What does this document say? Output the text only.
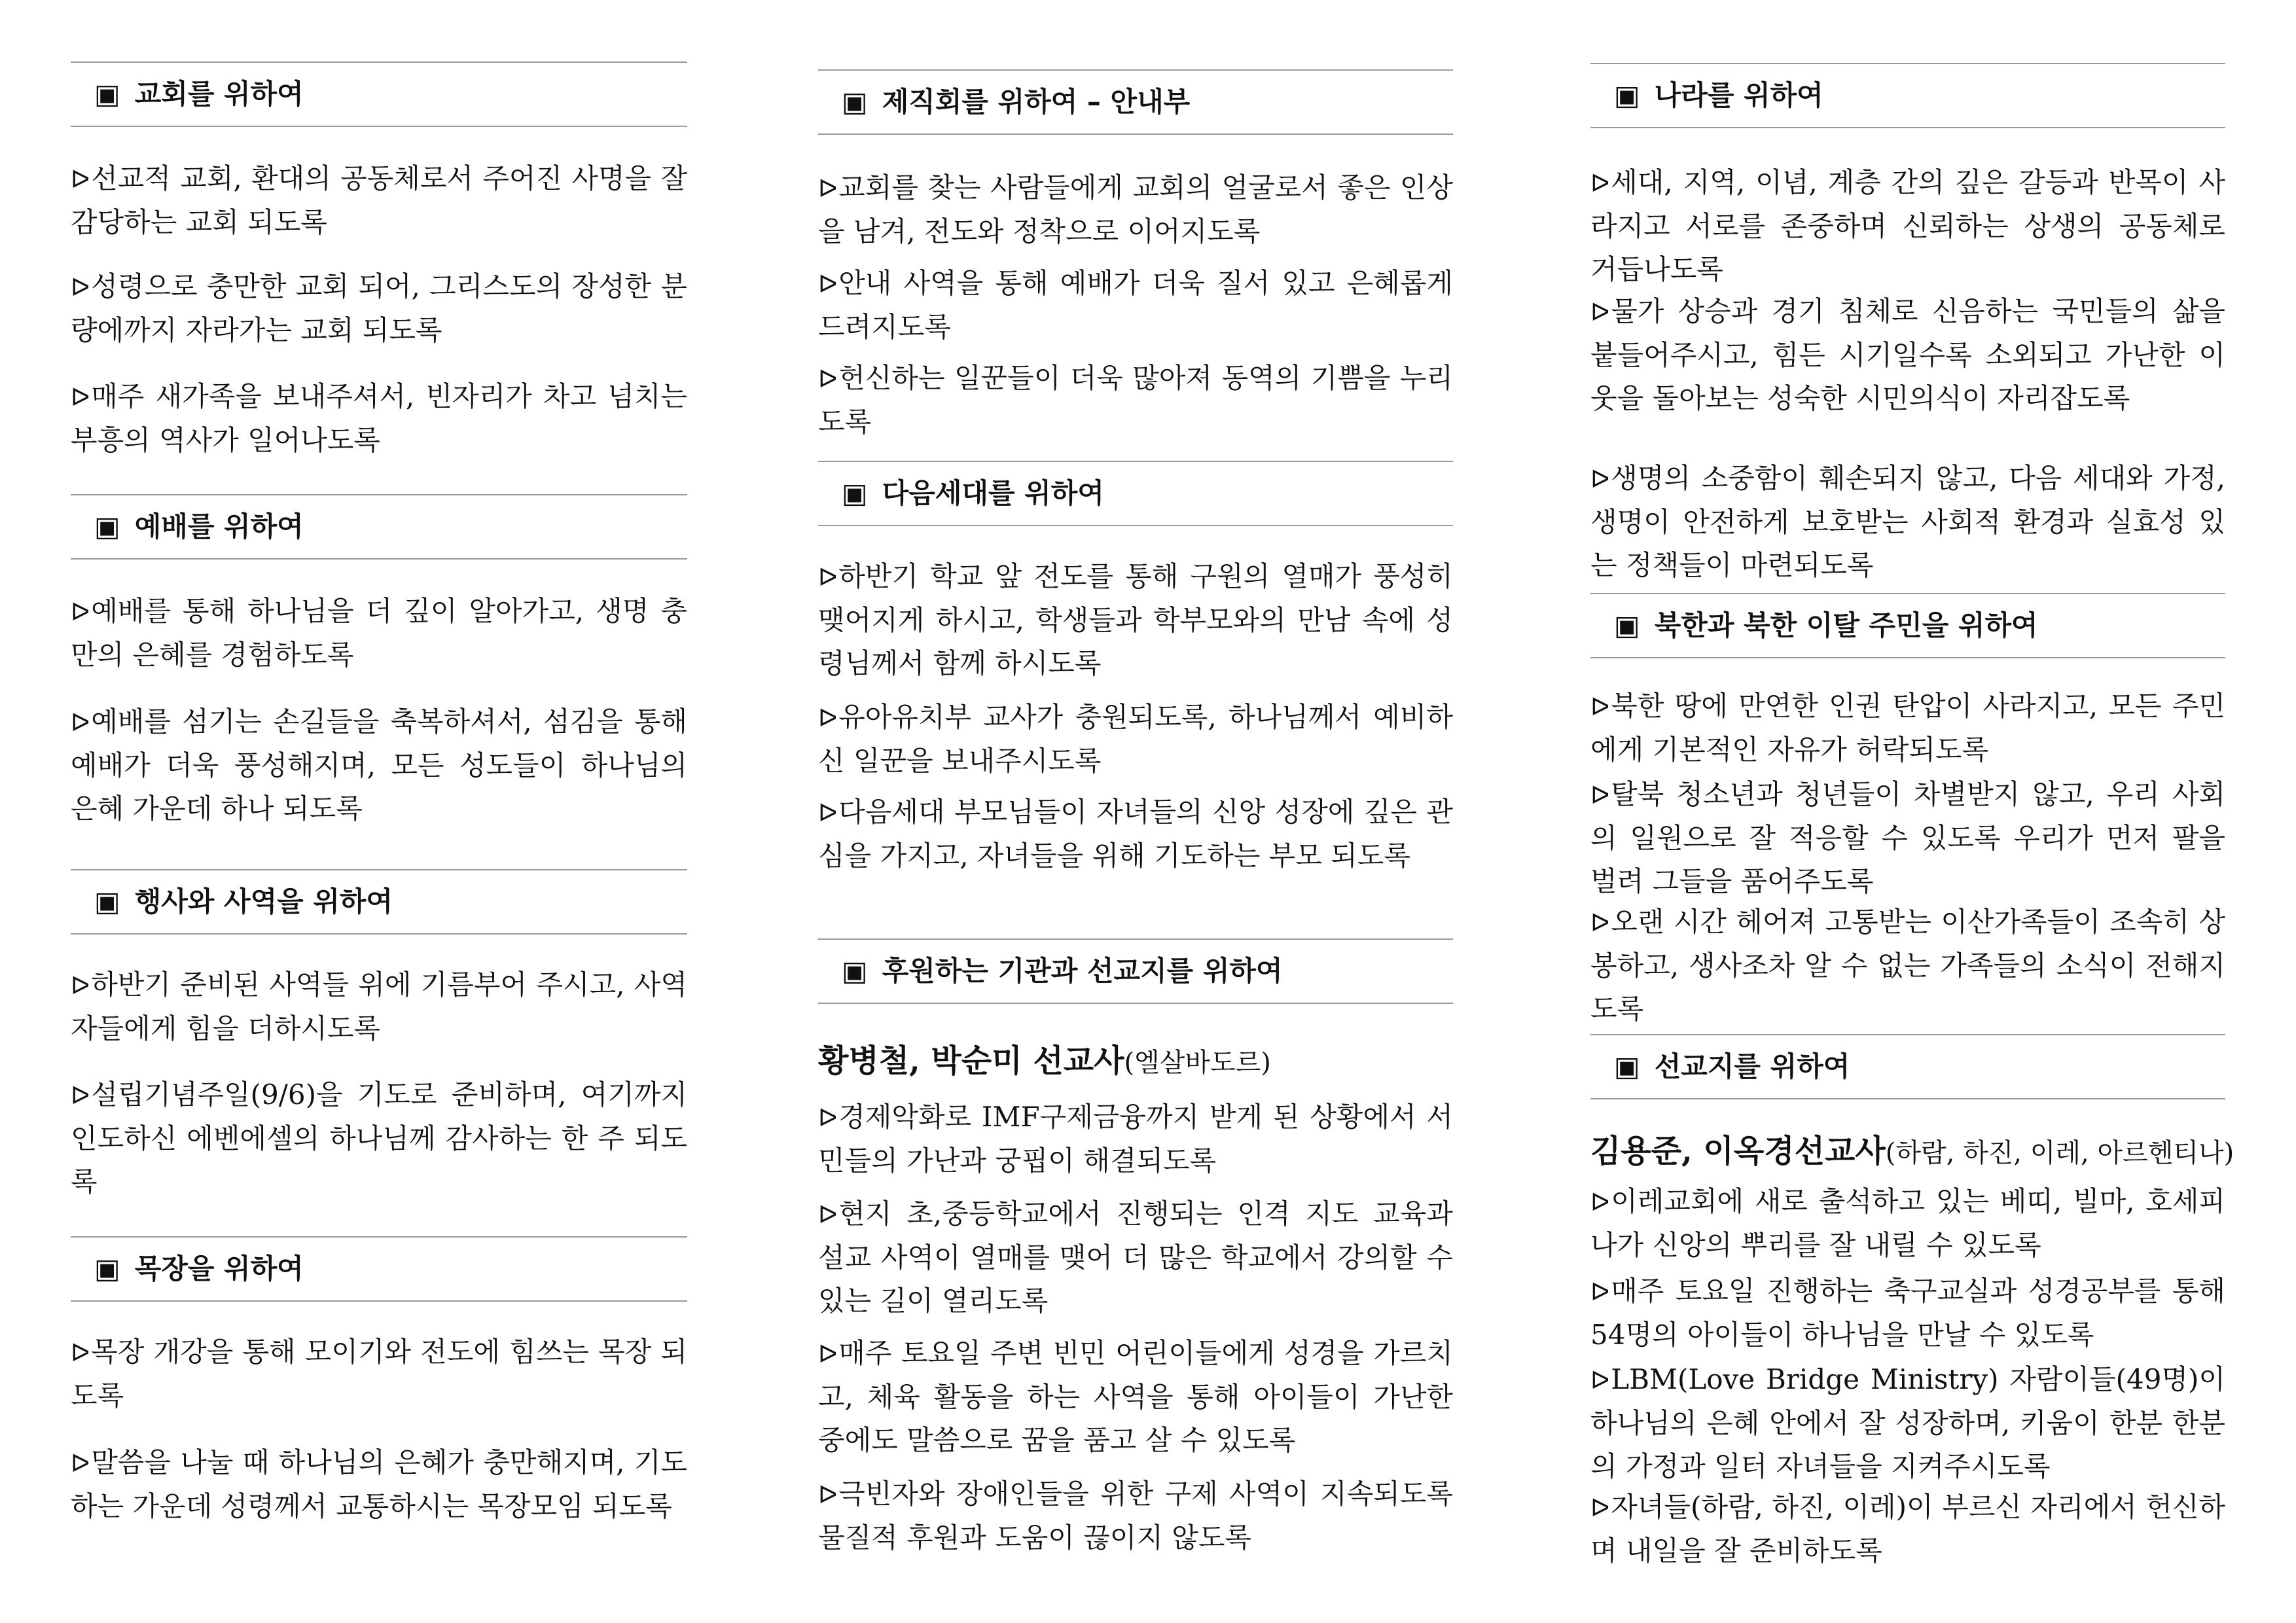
▣ 교회를 위하여
ᐅ선교적 교회, 환대의 공동체로서 주어진 사명을 잘 감당하는 교회 되도록
ᐅ성령으로 충만한 교회 되어, 그리스도의 장성한 분량에까지 자라가는 교회 되도록
ᐅ매주 새가족을 보내주셔서, 빈자리가 차고 넘치는 부흥의 역사가 일어나도록
▣ 예배를 위하여
ᐅ예배를 통해 하나님을 더 깊이 알아가고, 생명 충만의 은혜를 경험하도록
ᐅ예배를 섬기는 손길들을 축복하셔서, 섬김을 통해 예배가 더욱 풍성해지며, 모든 성도들이 하나님의 은혜 가운데 하나 되도록
▣ 행사와 사역을 위하여
ᐅ하반기 준비된 사역들 위에 기름부어 주시고, 사역자들에게 힘을 더하시도록
ᐅ설립기념주일(9/6)을 기도로 준비하며, 여기까지 인도하신 에벤에셀의 하나님께 감사하는 한 주 되도록
▣ 목장을 위하여
ᐅ목장 개강을 통해 모이기와 전도에 힘쓰는 목장 되도록
ᐅ말씀을 나눌 때 하나님의 은혜가 충만해지며, 기도하는 가운데 성령께서 교통하시는 목장모임 되도록
▣ 제직회를 위하여 – 안내부
ᐅ교회를 찾는 사람들에게 교회의 얼굴로서 좋은 인상을 남겨, 전도와 정착으로 이어지도록
ᐅ안내 사역을 통해 예배가 더욱 질서 있고 은혜롭게 드려지도록
ᐅ헌신하는 일꾼들이 더욱 많아져 동역의 기쁨을 누리도록
▣ 다음세대를 위하여
ᐅ하반기 학교 앞 전도를 통해 구원의 열매가 풍성히 맺어지게 하시고, 학생들과 학부모와의 만남 속에 성령님께서 함께 하시도록
ᐅ유아유치부 교사가 충원되도록, 하나님께서 예비하신 일꾼을 보내주시도록
ᐅ다음세대 부모님들이 자녀들의 신앙 성장에 깊은 관심을 가지고, 자녀들을 위해 기도하는 부모 되도록
▣ 후원하는 기관과 선교지를 위하여
황병철, 박순미 선교사(엘살바도르)
ᐅ경제악화로 IMF구제금융까지 받게 된 상황에서 서민들의 가난과 궁핍이 해결되도록
ᐅ현지 초,중등학교에서 진행되는 인격 지도 교육과 설교 사역이 열매를 맺어 더 많은 학교에서 강의할 수 있는 길이 열리도록
ᐅ매주 토요일 주변 빈민 어린이들에게 성경을 가르치고, 체육 활동을 하는 사역을 통해 아이들이 가난한 중에도 말씀으로 꿈을 품고 살 수 있도록
ᐅ극빈자와 장애인들을 위한 구제 사역이 지속되도록 물질적 후원과 도움이 끊이지 않도록
▣ 나라를 위하여
ᐅ세대, 지역, 이념, 계층 간의 깊은 갈등과 반목이 사라지고 서로를 존중하며 신뢰하는 상생의 공동체로 거듭나도록
ᐅ물가 상승과 경기 침체로 신음하는 국민들의 삶을 붙들어주시고, 힘든 시기일수록 소외되고 가난한 이웃을 돌아보는 성숙한 시민의식이 자리잡도록
ᐅ생명의 소중함이 훼손되지 않고, 다음 세대와 가정, 생명이 안전하게 보호받는 사회적 환경과 실효성 있는 정책들이 마련되도록
▣ 북한과 북한 이탈 주민을 위하여
ᐅ북한 땅에 만연한 인권 탄압이 사라지고, 모든 주민에게 기본적인 자유가 허락되도록
ᐅ탈북 청소년과 청년들이 차별받지 않고, 우리 사회의 일원으로 잘 적응할 수 있도록 우리가 먼저 팔을 벌려 그들을 품어주도록
ᐅ오랜 시간 헤어져 고통받는 이산가족들이 조속히 상봉하고, 생사조차 알 수 없는 가족들의 소식이 전해지도록
▣ 선교지를 위하여
김용준, 이옥경선교사(하람, 하진, 이레, 아르헨티나)
ᐅ이레교회에 새로 출석하고 있는 베띠, 빌마, 호세피나가 신앙의 뿌리를 잘 내릴 수 있도록
ᐅ매주 토요일 진행하는 축구교실과 성경공부를 통해 54명의 아이들이 하나님을 만날 수 있도록
ᐅLBM(Love Bridge Ministry) 자람이들(49명)이 하나님의 은혜 안에서 잘 성장하며, 키움이 한분 한분의 가정과 일터 자녀들을 지켜주시도록
ᐅ자녀들(하람, 하진, 이레)이 부르신 자리에서 헌신하며 내일을 잘 준비하도록
